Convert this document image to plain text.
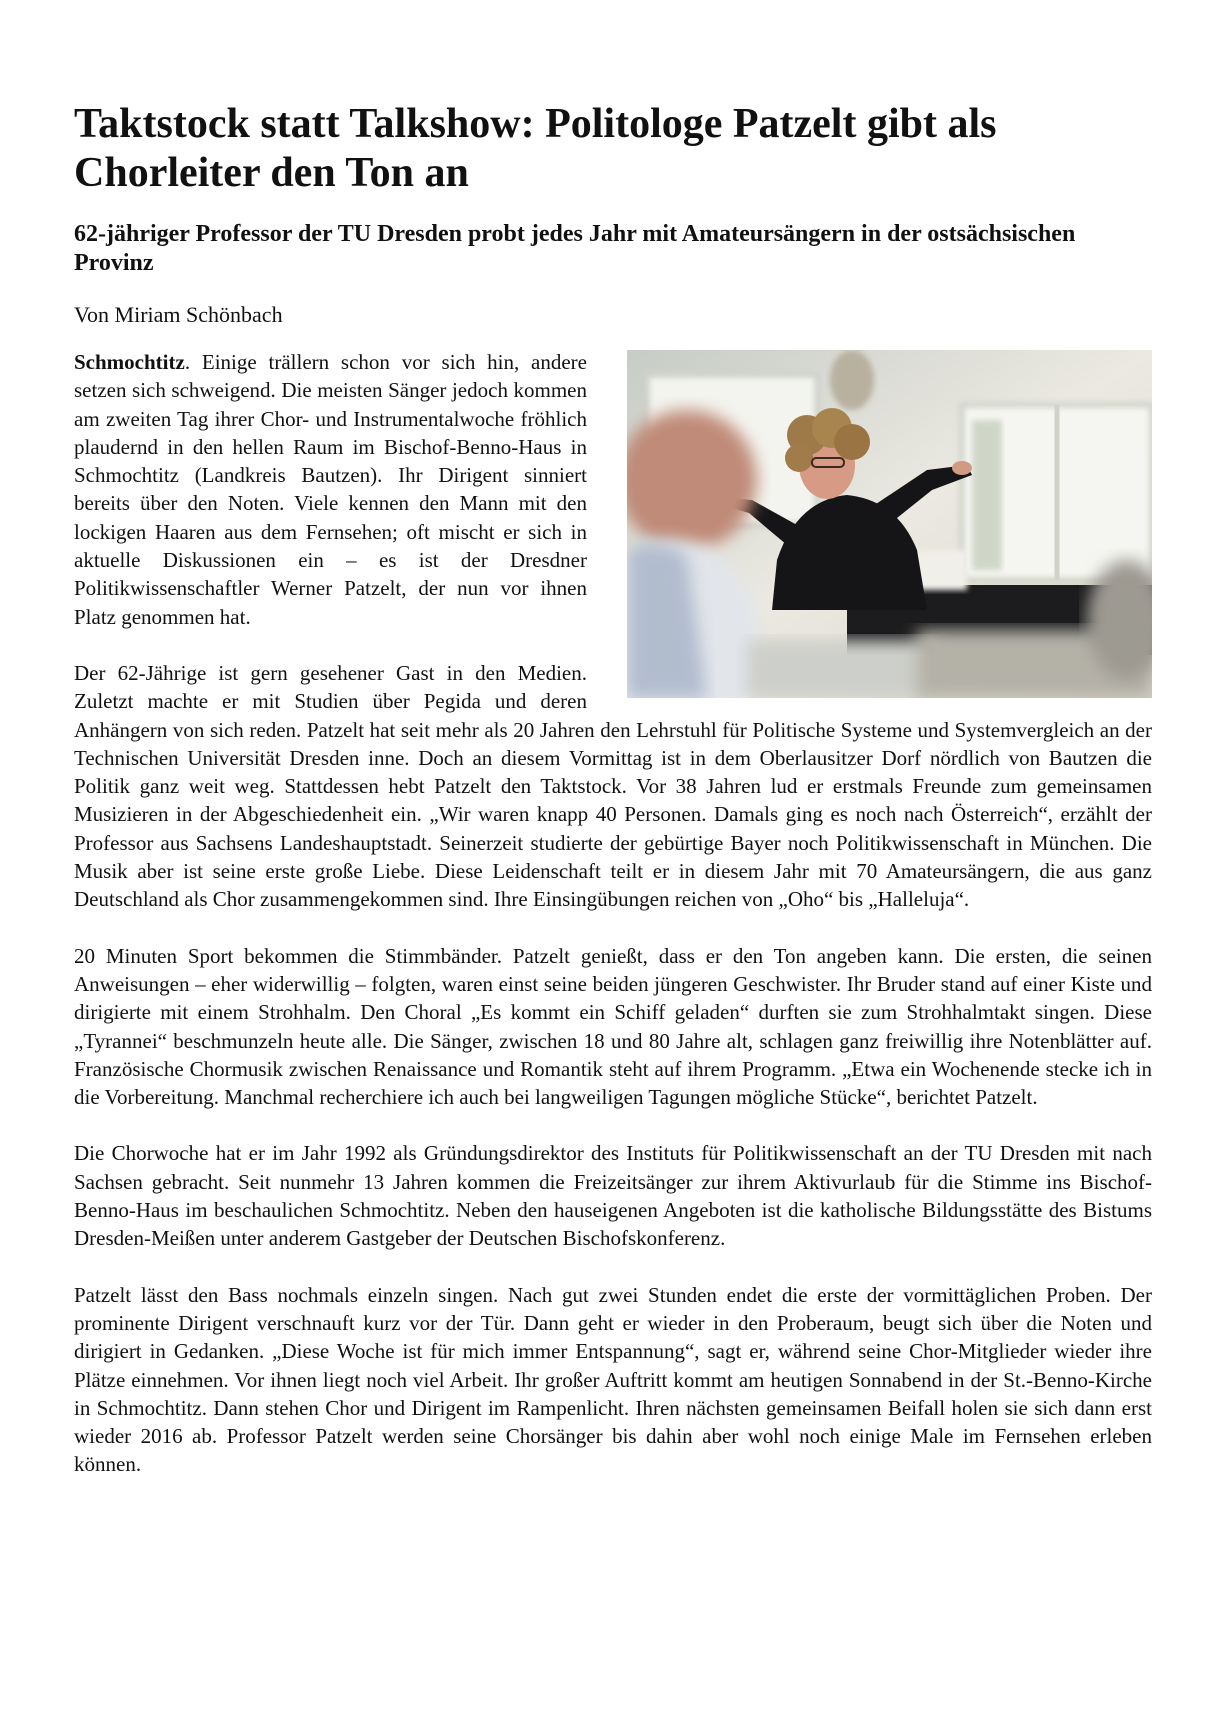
Taktstock statt Talkshow: Politologe Patzelt gibt als Chorleiter den Ton an
62-jähriger Professor der TU Dresden probt jedes Jahr mit Amateursängern in der ostsächsischen Provinz
Von Miriam Schönbach

Schmochtitz. Einige trällern schon vor sich hin, andere setzen sich schweigend. Die meisten Sänger jedoch kommen am zweiten Tag ihrer Chor- und Instrumentalwoche fröhlich plaudernd in den hellen Raum im Bischof-Benno-Haus in Schmochtitz (Landkreis Bautzen). Ihr Dirigent sinniert bereits über den Noten. Viele kennen den Mann mit den lockigen Haaren aus dem Fernsehen; oft mischt er sich in aktuelle Diskussionen ein – es ist der Dresdner Politikwissenschaftler Werner Patzelt, der nun vor ihnen Platz genommen hat.

Der 62-Jährige ist gern gesehener Gast in den Medien. Zuletzt machte er mit Studien über Pegida und deren Anhängern von sich reden. Patzelt hat seit mehr als 20 Jahren den Lehrstuhl für Politische Systeme und Systemvergleich an der Technischen Universität Dresden inne. Doch an diesem Vormittag ist in dem Oberlausitzer Dorf nördlich von Bautzen die Politik ganz weit weg. Stattdessen hebt Patzelt den Taktstock. Vor 38 Jahren lud er erstmals Freunde zum gemeinsamen Musizieren in der Abgeschiedenheit ein. „Wir waren knapp 40 Personen. Damals ging es noch nach Österreich“, erzählt der Professor aus Sachsens Landeshauptstadt. Seinerzeit studierte der gebürtige Bayer noch Politikwissenschaft in München. Die Musik aber ist seine erste große Liebe. Diese Leidenschaft teilt er in diesem Jahr mit 70 Amateursängern, die aus ganz Deutschland als Chor zusammengekommen sind. Ihre Einsingübungen reichen von „Oho“ bis „Halleluja“.

20 Minuten Sport bekommen die Stimmbänder. Patzelt genießt, dass er den Ton angeben kann. Die ersten, die seinen Anweisungen – eher widerwillig – folgten, waren einst seine beiden jüngeren Geschwister. Ihr Bruder stand auf einer Kiste und dirigierte mit einem Strohhalm. Den Choral „Es kommt ein Schiff geladen“ durften sie zum Strohhalmtakt singen. Diese „Tyrannei“ beschmunzeln heute alle. Die Sänger, zwischen 18 und 80 Jahre alt, schlagen ganz freiwillig ihre Notenblätter auf. Französische Chormusik zwischen Renaissance und Romantik steht auf ihrem Programm. „Etwa ein Wochenende stecke ich in die Vorbereitung. Manchmal recherchiere ich auch bei langweiligen Tagungen mögliche Stücke“, berichtet Patzelt.

Die Chorwoche hat er im Jahr 1992 als Gründungsdirektor des Instituts für Politikwissenschaft an der TU Dresden mit nach Sachsen gebracht. Seit nunmehr 13 Jahren kommen die Freizeitsänger zur ihrem Aktivurlaub für die Stimme ins Bischof-Benno-Haus im beschaulichen Schmochtitz. Neben den hauseigenen Angeboten ist die katholische Bildungsstätte des Bistums Dresden-Meißen unter anderem Gastgeber der Deutschen Bischofskonferenz.

Patzelt lässt den Bass nochmals einzeln singen. Nach gut zwei Stunden endet die erste der vormittäglichen Proben. Der prominente Dirigent verschnauft kurz vor der Tür. Dann geht er wieder in den Proberaum, beugt sich über die Noten und dirigiert in Gedanken. „Diese Woche ist für mich immer Entspannung“, sagt er, während seine Chor-Mitglieder wieder ihre Plätze einnehmen. Vor ihnen liegt noch viel Arbeit. Ihr großer Auftritt kommt am heutigen Sonnabend in der St.-Benno-Kirche in Schmochtitz. Dann stehen Chor und Dirigent im Rampenlicht. Ihren nächsten gemeinsamen Beifall holen sie sich dann erst wieder 2016 ab. Professor Patzelt werden seine Chorsänger bis dahin aber wohl noch einige Male im Fernsehen erleben können.
